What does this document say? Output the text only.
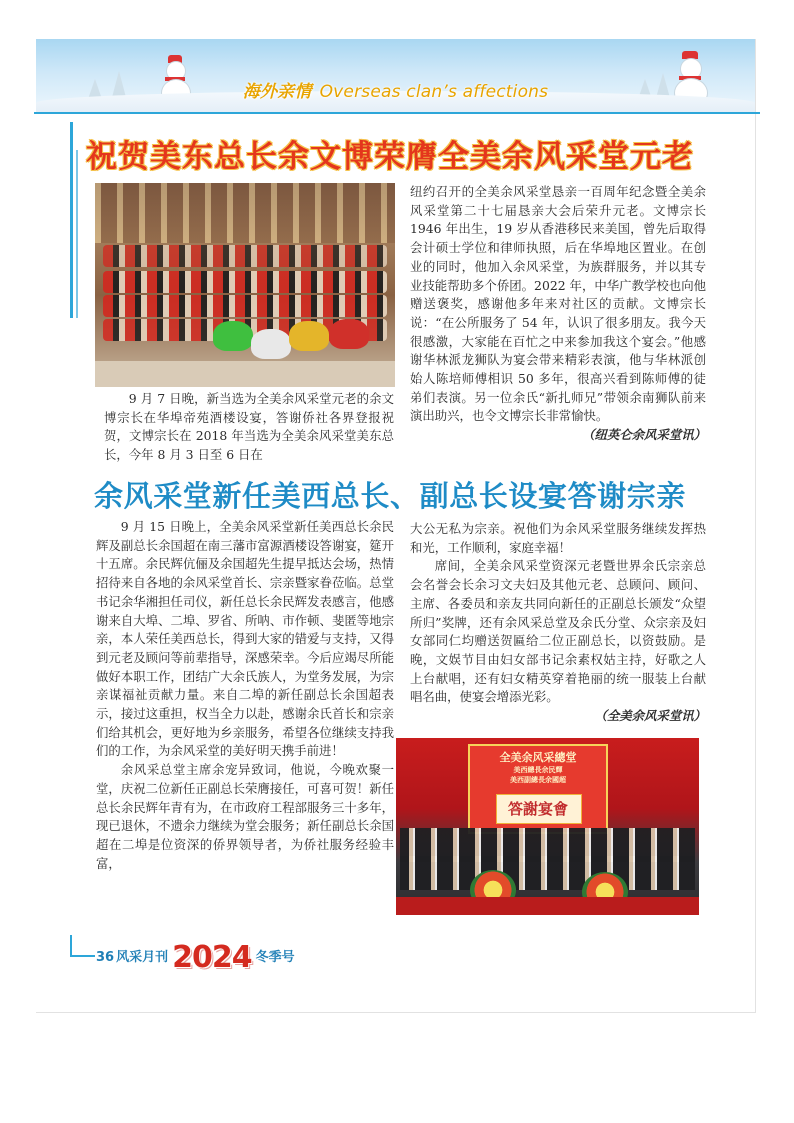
海外亲情 Overseas clan’s affections
祝贺美东总长余文博荣膺全美余风采堂元老

9 月 7 日晚，新当选为全美余风采堂元老的余文博宗长在华埠帝苑酒楼设宴，答谢侨社各界登报祝贺，文博宗长在 2018 年当选为全美余风采堂美东总长，今年 8 月 3 日至 6 日在

纽约召开的全美余风采堂恳亲一百周年纪念暨全美余风采堂第二十七届恳亲大会后荣升元老。文博宗长 1946 年出生，19 岁从香港移民来美国，曾先后取得会计硕士学位和律师执照，后在华埠地区置业。在创业的同时，他加入余风采堂，为族群服务，并以其专业技能帮助多个侨团。2022 年，中华广教学校也向他赠送褒奖，感谢他多年来对社区的贡献。文博宗长说：“在公所服务了 54 年，认识了很多朋友。我今天很感激，大家能在百忙之中来参加我这个宴会。”他感谢华林派龙狮队为宴会带来精彩表演，他与华林派创始人陈培师傅相识 50 多年，很高兴看到陈师傅的徒弟们表演。另一位余氏“新扎师兄”带领余南狮队前来演出助兴，也令文博宗长非常愉快。

（纽英仑余风采堂讯）
余风采堂新任美西总长、副总长设宴答谢宗亲

9 月 15 日晚上，全美余风采堂新任美西总长余民辉及副总长余国超在南三藩市富源酒楼设答谢宴，筵开十五席。余民辉伉俪及余国超先生提早抵达会场，热情招待来自各地的余风采堂首长、宗亲暨家眷莅临。总堂书记余华湘担任司仪，新任总长余民辉发表感言，他感谢来自大埠、二埠、罗省、所呐、市作顿、斐匿等地宗亲，本人荣任美西总长，得到大家的错爱与支持，又得到元老及顾问等前辈指导，深感荣幸。今后应竭尽所能做好本职工作，团结广大余氏族人，为堂务发展，为宗亲谋福祉贡献力量。来自二埠的新任副总长余国超表示，接过这重担，权当全力以赴，感谢余氏首长和宗亲们给其机会，更好地为乡亲服务，希望各位继续支持我们的工作，为余风采堂的美好明天携手前进！

余风采总堂主席余宠异致词，他说，今晚欢聚一堂，庆祝二位新任正副总长荣膺接任，可喜可贺！新任总长余民辉年青有为，在市政府工程部服务三十多年，现已退休，不遗余力继续为堂会服务；新任副总长余国超在二埠是位资深的侨界领导者，为侨社服务经验丰富，

大公无私为宗亲。祝他们为余风采堂服务继续发挥热和光，工作顺利，家庭幸福！

席间，全美余风采堂资深元老暨世界余氏宗亲总会名誉会长余习文夫妇及其他元老、总顾问、顾问、主席、各委员和亲友共同向新任的正副总长颁发“众望所归”奖牌，还有余风采总堂及余氏分堂、众宗亲及妇女部同仁均赠送贺匾给二位正副总长，以资鼓励。是晚，文娱节目由妇女部书记余素权姑主持，好歌之人上台献唱，还有妇女精英穿着艳丽的统一服装上台献唱名曲，使宴会增添光彩。

（全美余风采堂讯）
全美余风采總堂
美西總長余民輝
美西副總長余國超
答謝宴會
36 风采月刊 2024 冬季号
